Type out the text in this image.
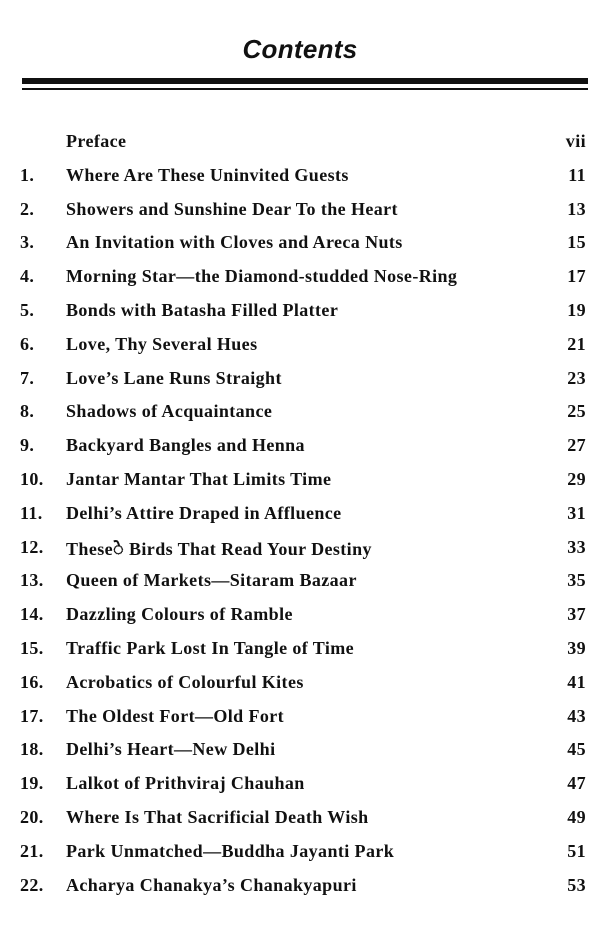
Contents
Preface	vii
1. Where Are These Uninvited Guests	11
2. Showers and Sunshine Dear To the Heart	13
3. An Invitation with Cloves and Areca Nuts	15
4. Morning Star—the Diamond-studded Nose-Ring	17
5. Bonds with Batasha Filled Platter	19
6. Love, Thy Several Hues	21
7. Love’s Lane Runs Straight	23
8. Shadows of Acquaintance	25
9. Backyard Bangles and Henna	27
10. Jantar Mantar That Limits Time	29
11. Delhi’s Attire Draped in Affluence	31
12. Theseे Birds That Read Your Destiny	33
13. Queen of Markets—Sitaram Bazaar	35
14. Dazzling Colours of Ramble	37
15. Traffic Park Lost In Tangle of Time	39
16. Acrobatics of Colourful Kites	41
17. The Oldest Fort—Old Fort	43
18. Delhi’s Heart—New Delhi	45
19. Lalkot of Prithviraj Chauhan	47
20. Where Is That Sacrificial Death Wish	49
21. Park Unmatched—Buddha Jayanti Park	51
22. Acharya Chanakya’s Chanakyapuri	53
